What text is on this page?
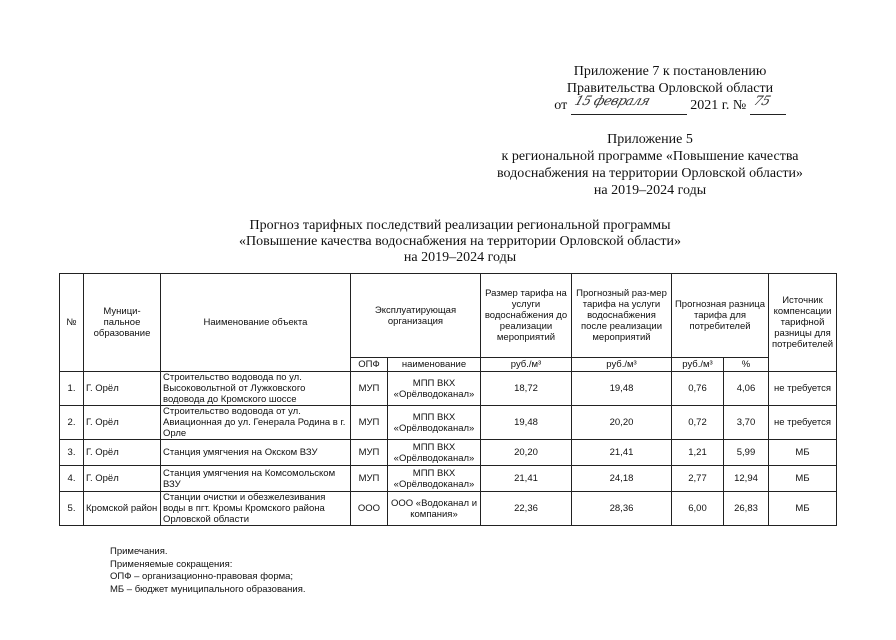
Приложение 7 к постановлению
Правительства Орловской области
от 15 февраля	2021 г. № 75

Приложение 5
к региональной программе «Повышение качества
водоснабжения на территории Орловской области»
на 2019–2024 годы
Прогноз тарифных последствий реализации региональной программы
«Повышение качества водоснабжения на территории Орловской области»
на 2019–2024 годы
№	Муници-пальное образование	Наименование объекта	Эксплуатирующая организация		Размер тарифа на услуги водоснабжения до реализации мероприятий	Прогнозный раз-мер тарифа на услуги водоснабжения после реализации мероприятий	Прогнозная разница тарифа для потребителей		Источник компенсации тарифной разницы для потребителей
			ОПФ	наименование	руб./м³	руб./м³	руб./м³	%	
1.	Г. Орёл	Строительство водовода по ул. Высоковольтной от Лужковского водовода до Кромского шоссе	МУП	МПП ВКХ «Орёлводоканал»	18,72	19,48	0,76	4,06	не требуется
2.	Г. Орёл	Строительство водовода от ул. Авиационная до ул. Генерала Родина в г. Орле	МУП	МПП ВКХ «Орёлводоканал»	19,48	20,20	0,72	3,70	не требуется
3.	Г. Орёл	Станция умягчения на Окском ВЗУ	МУП	МПП ВКХ «Орёлводоканал»	20,20	21,41	1,21	5,99	МБ
4.	Г. Орёл	Станция умягчения на Комсомольском ВЗУ	МУП	МПП ВКХ «Орёлводоканал»	21,41	24,18	2,77	12,94	МБ
5.	Кромской район	Станции очистки и обезжелезивания воды в пгт. Кромы Кромского района Орловской области	ООО	ООО «Водоканал и компания»	22,36	28,36	6,00	26,83	МБ
Примечания.
Применяемые сокращения:
ОПФ – организационно-правовая форма;
МБ – бюджет муниципального образования.
